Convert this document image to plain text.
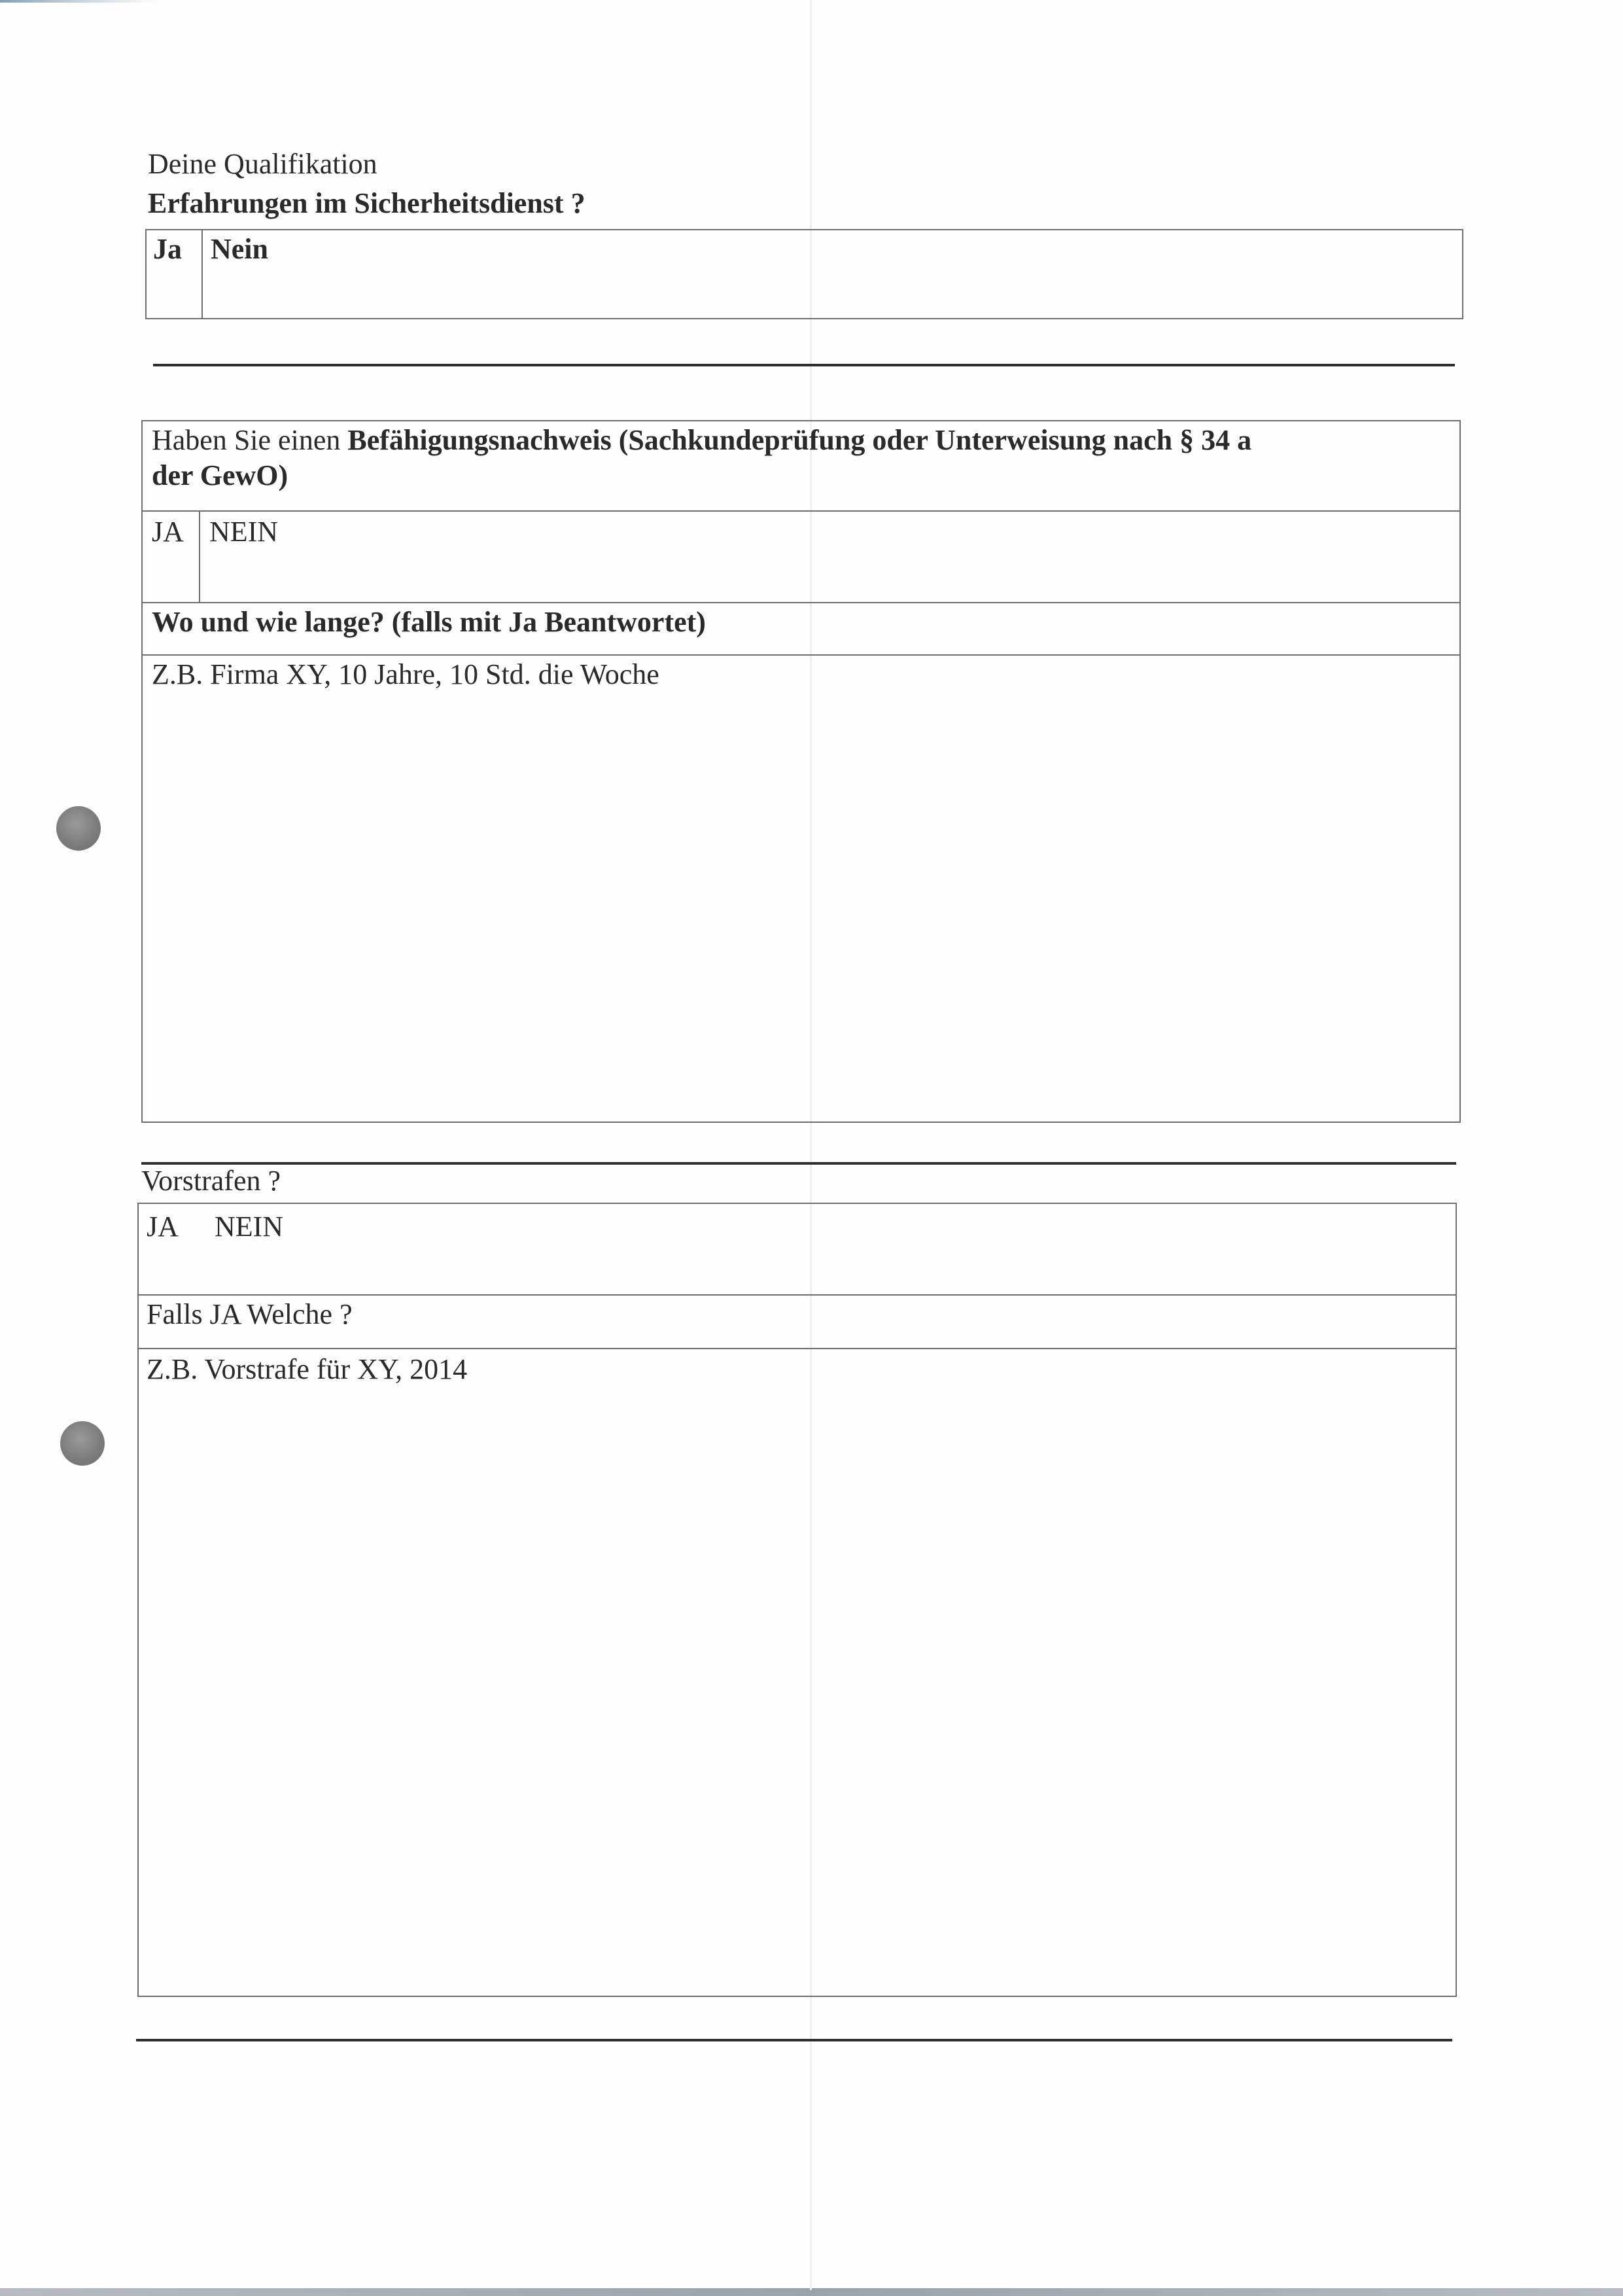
Deine Qualifikation
Erfahrungen im Sicherheitsdienst ?
Ja Nein
Haben Sie einen Befähigungsnachweis (Sachkundeprüfung oder Unterweisung nach § 34 a
der GewO)
JA NEIN
Wo und wie lange? (falls mit Ja Beantwortet)
Z.B. Firma XY, 10 Jahre, 10 Std. die Woche
Vorstrafen ?
JA NEIN
Falls JA Welche ?
Z.B. Vorstrafe für XY, 2014
